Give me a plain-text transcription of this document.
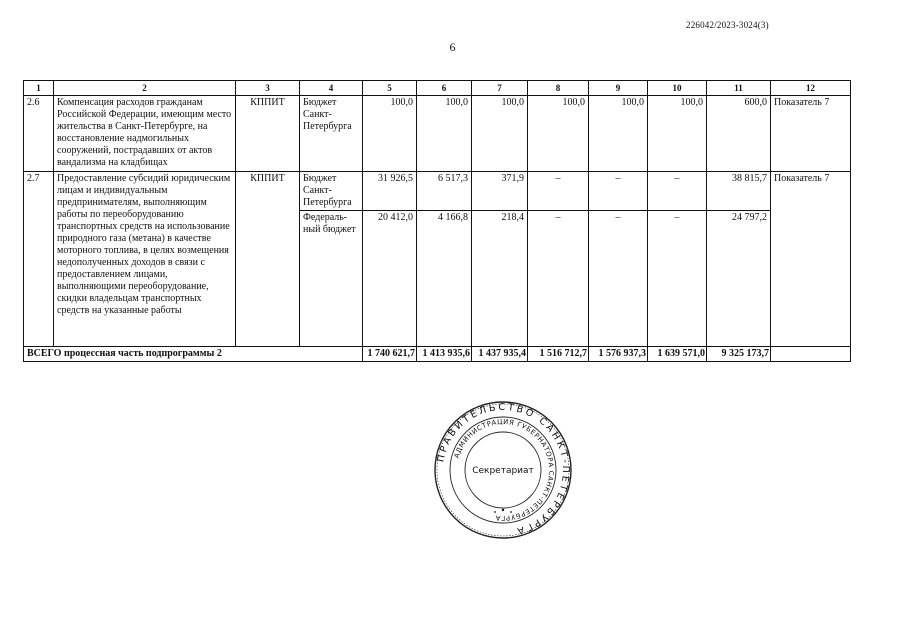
226042/2023-3024(3)
6
1	2	3	4	5	6	7	8	9	10	11	12
2.6	Компенсация расходов гражданам Российской Федерации, имеющим место жительства в Санкт-Петербурге, на восстановление надмогильных сооружений, пострадавших от актов вандализма на кладбищах	КППИТ	Бюджет Санкт-Петербурга	100,0	100,0	100,0	100,0	100,0	100,0	600,0	Показатель 7
2.7	Предоставление субсидий юридическим лицам и индивидуальным предпринимателям, выполняющим работы по переоборудованию транспортных средств на использование природного газа (метана) в качестве моторного топлива, в целях возмещения недополученных доходов в связи с предоставлением лицами, выполняющими переоборудование, скидки владельцам транспортных средств на указанные работы	КППИТ	Бюджет Санкт-Петербурга	31 926,5	6 517,3	371,9	–	–	–	38 815,7	Показатель 7
			Федераль-ный бюджет	20 412,0	4 166,8	218,4	–	–	–	24 797,2	
ВСЕГО процессная часть подпрограммы 2				1 740 621,7	1 413 935,6	1 437 935,4	1 516 712,7	1 576 937,3	1 639 571,0	9 325 173,7	
ПРАВИТЕЛЬСТВО САНКТ-ПЕТЕРБУРГА
АДМИНИСТРАЦИЯ ГУБЕРНАТОРА САНКТ-ПЕТЕРБУРГА
Секретариат
